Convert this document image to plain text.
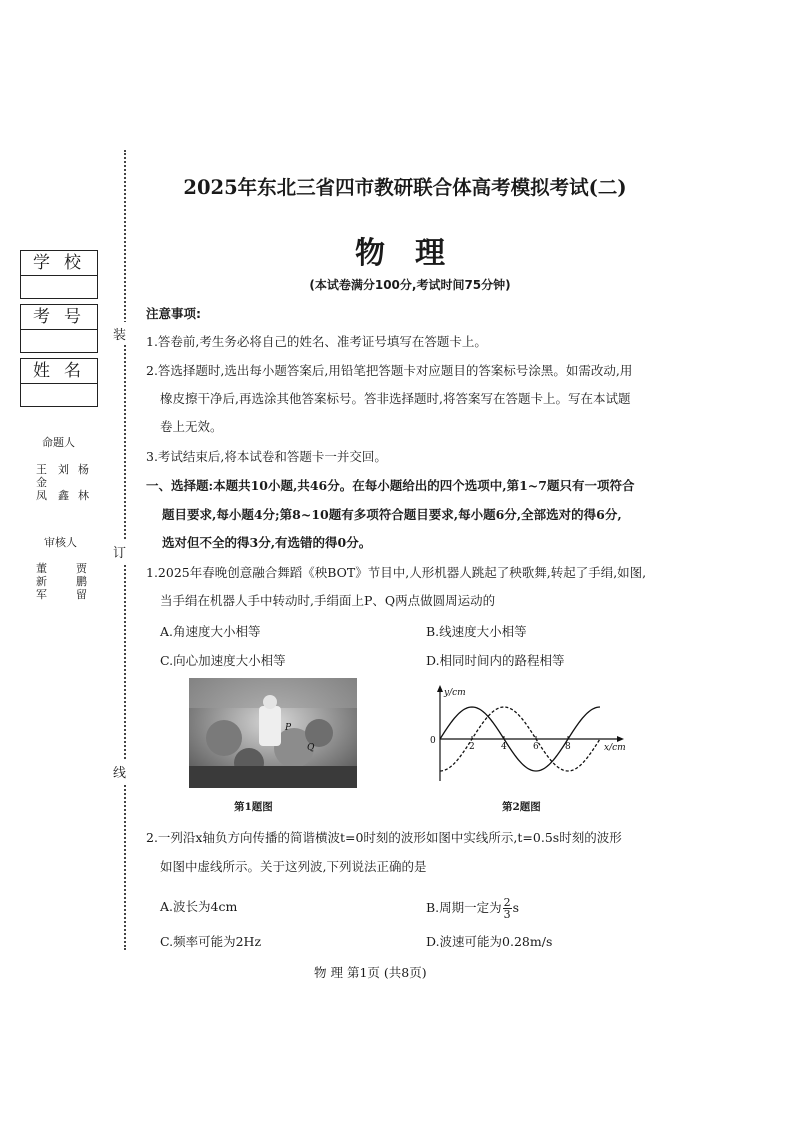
装
订
线
学校
考号
姓名
命题人
王 刘 杨
金
凤 鑫 林
审核人
董	贾
新	鹏
军	留
2025年东北三省四市教研联合体高考模拟考试(二)
物理
(本试卷满分100分,考试时间75分钟)
注意事项:
1.答卷前,考生务必将自己的姓名、准考证号填写在答题卡上。
2.答选择题时,选出每小题答案后,用铅笔把答题卡对应题目的答案标号涂黑。如需改动,用
橡皮擦干净后,再选涂其他答案标号。答非选择题时,将答案写在答题卡上。写在本试题
卷上无效。
3.考试结束后,将本试卷和答题卡一并交回。
一、选择题:本题共10小题,共46分。在每小题给出的四个选项中,第1~7题只有一项符合
题目要求,每小题4分;第8~10题有多项符合题目要求,每小题6分,全部选对的得6分,
选对但不全的得3分,有选错的得0分。
1.2025年春晚创意融合舞蹈《秧BOT》节目中,人形机器人跳起了秧歌舞,转起了手绢,如图,
当手绢在机器人手中转动时,手绢面上P、Q两点做圆周运动的
A.角速度大小相等	B.线速度大小相等
C.向心加速度大小相等	D.相同时间内的路程相等
P
Q
第1题图
y/cm
x/cm
0
2	4	6	8
第2题图
2.一列沿x轴负方向传播的简谐横波t=0时刻的波形如图中实线所示,t=0.5s时刻的波形
如图中虚线所示。关于这列波,下列说法正确的是
A.波长为4cm	B.周期一定为 $\frac{2}{3}$ s
C.频率可能为2Hz	D.波速可能为0.28m/s
物 理 第1页 (共8页)
